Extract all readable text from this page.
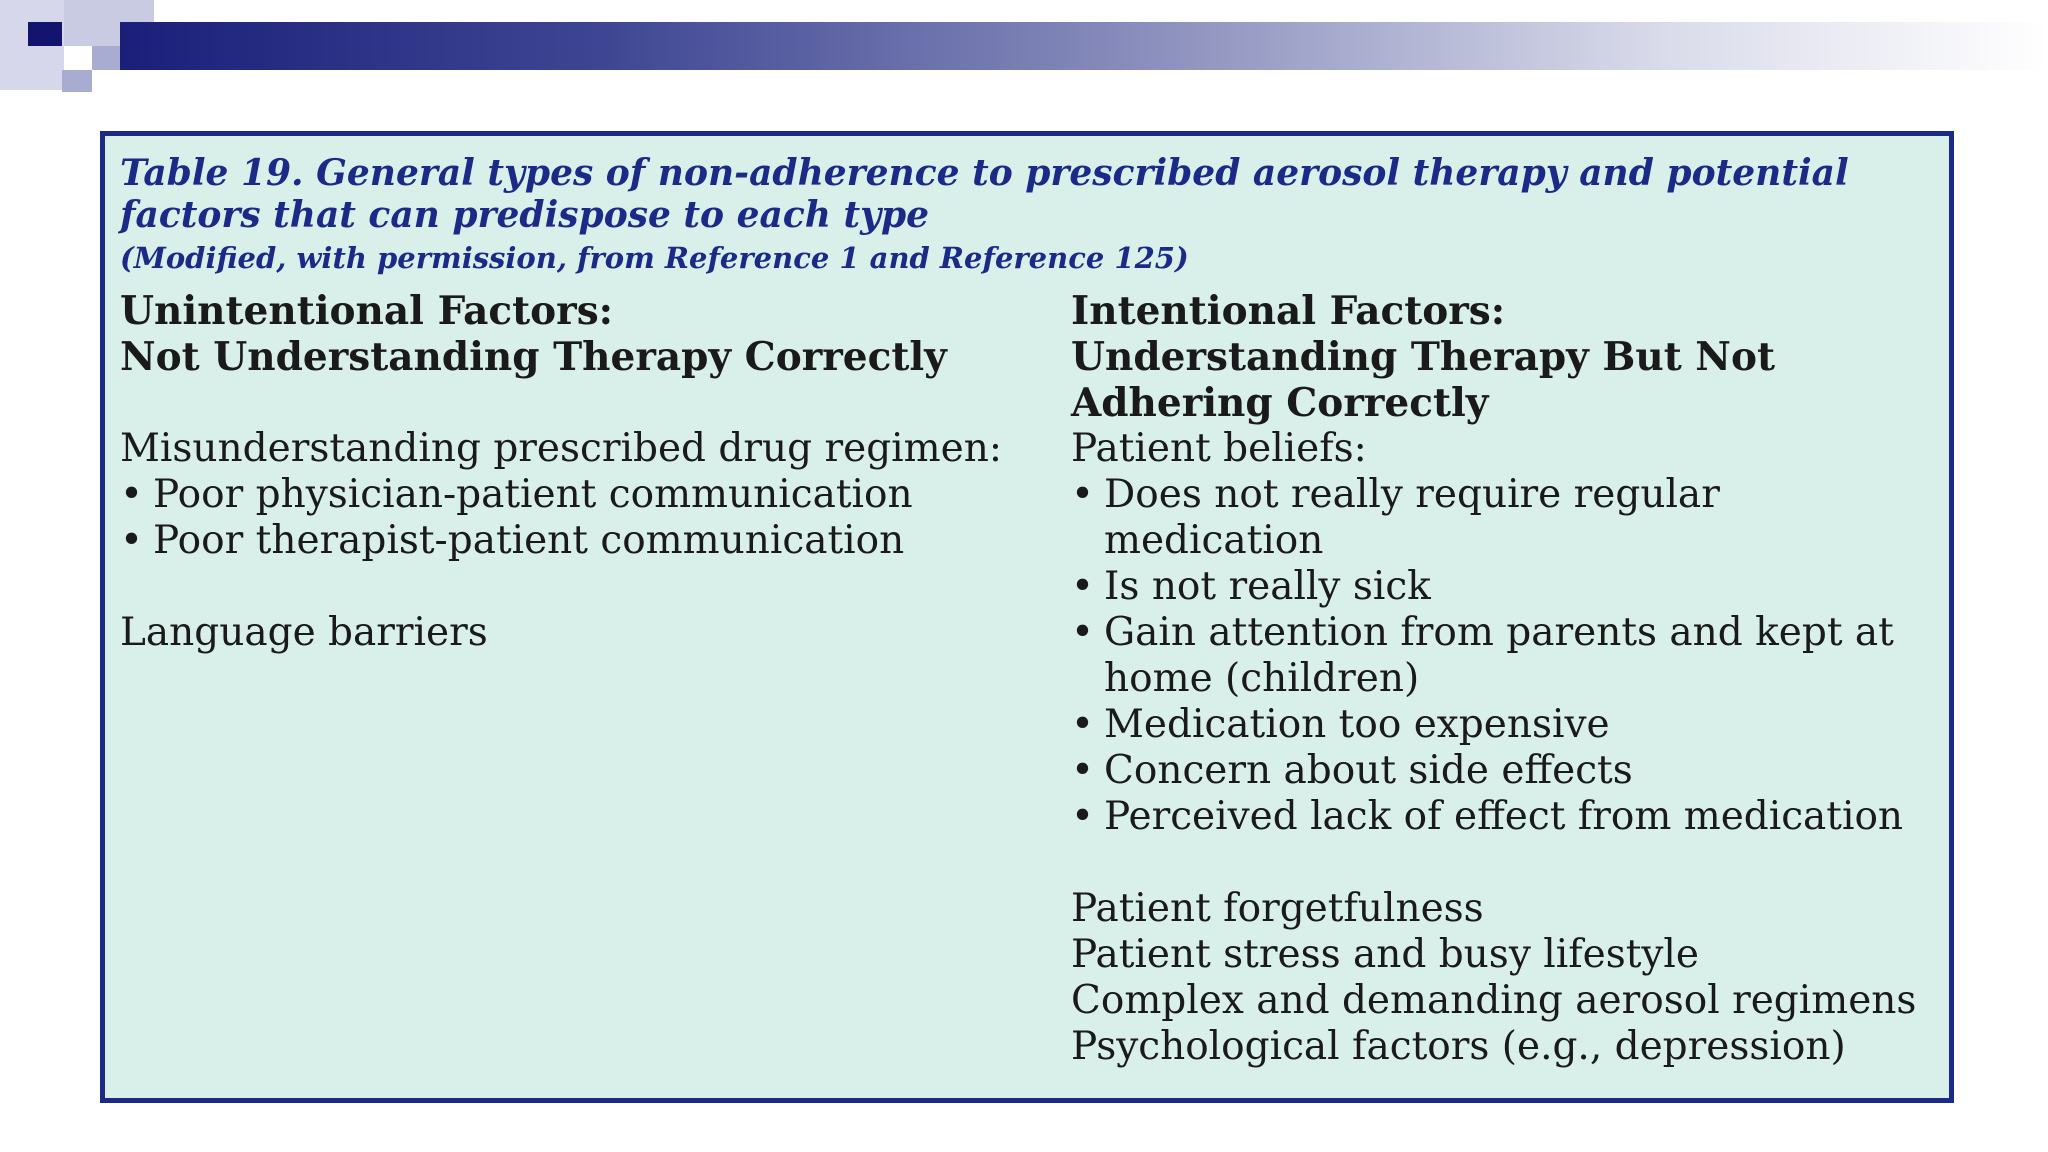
Table 19. General types of non-adherence to prescribed aerosol therapy and potential factors that can predispose to each type
(Modified, with permission, from Reference 1 and Reference 125)
Unintentional Factors:
Not Understanding Therapy Correctly
Misunderstanding prescribed drug regimen:
• Poor physician-patient communication
• Poor therapist-patient communication
Language barriers
Intentional Factors:
Understanding Therapy But Not Adhering Correctly
Patient beliefs:
• Does not really require regular medication
• Is not really sick
• Gain attention from parents and kept at home (children)
• Medication too expensive
• Concern about side effects
• Perceived lack of effect from medication
Patient forgetfulness
Patient stress and busy lifestyle
Complex and demanding aerosol regimens
Psychological factors (e.g., depression)
